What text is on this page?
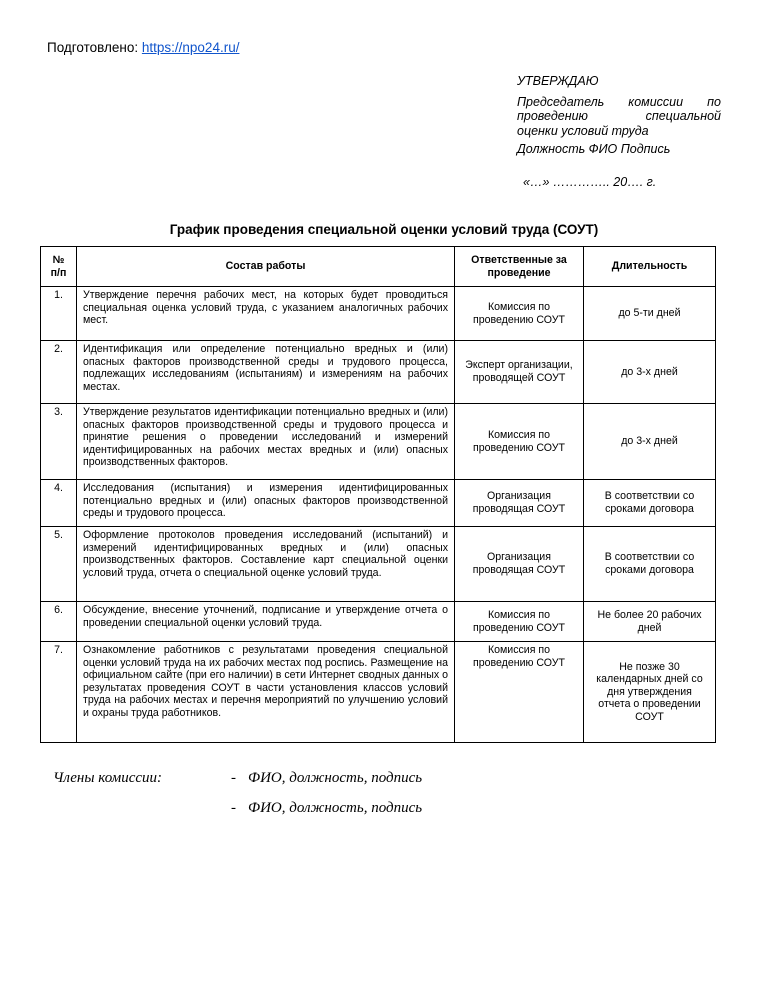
Подготовлено: https://npo24.ru/
УТВЕРЖДАЮ
Председатель комиссии по
проведению специальной
оценки условий труда
Должность ФИО Подпись
«…» ………….. 20…. г.
График проведения специальной оценки условий труда (СОУТ)
№ п/п	Состав работы	Ответственные за проведение	Длительность
1.	Утверждение перечня рабочих мест, на которых будет проводиться специальная оценка условий труда, с указанием аналогичных рабочих мест.	Комиссия по проведению СОУТ	до 5-ти дней
2.	Идентификация или определение потенциально вредных и (или) опасных факторов производственной среды и трудового процесса, подлежащих исследованиям (испытаниям) и измерениям на рабочих местах.	Эксперт организации, проводящей СОУТ	до 3-х дней
3.	Утверждение результатов идентификации потенциально вредных и (или) опасных факторов производственной среды и трудового процесса и принятие решения о проведении исследований и измерений идентифицированных на рабочих местах вредных и (или) опасных производственных факторов.	Комиссия по проведению СОУТ	до 3-х дней
4.	Исследования (испытания) и измерения идентифицированных потенциально вредных и (или) опасных факторов производственной среды и трудового процесса.	Организация проводящая СОУТ	В соответствии со сроками договора
5.	Оформление протоколов проведения исследований (испытаний) и измерений идентифицированных вредных и (или) опасных производственных факторов. Составление карт специальной оценки условий труда, отчета о специальной оценке условий труда.	Организация проводящая СОУТ	В соответствии со сроками договора
6.	Обсуждение, внесение уточнений, подписание и утверждение отчета о проведении специальной оценки условий труда.	Комиссия по проведению СОУТ	Не более 20 рабочих дней
7.	Ознакомление работников с результатами проведения специальной оценки условий труда на их рабочих местах под роспись. Размещение на официальном сайте (при его наличии) в сети Интернет сводных данных о результатах проведения СОУТ в части установления классов условий труда на рабочих местах и перечня мероприятий по улучшению условий и охраны труда работников.	Комиссия по проведению СОУТ	Не позже 30 календарных дней со дня утверждения отчета о проведении СОУТ
Члены комиссии:	- ФИО, должность, подпись
- ФИО, должность, подпись
